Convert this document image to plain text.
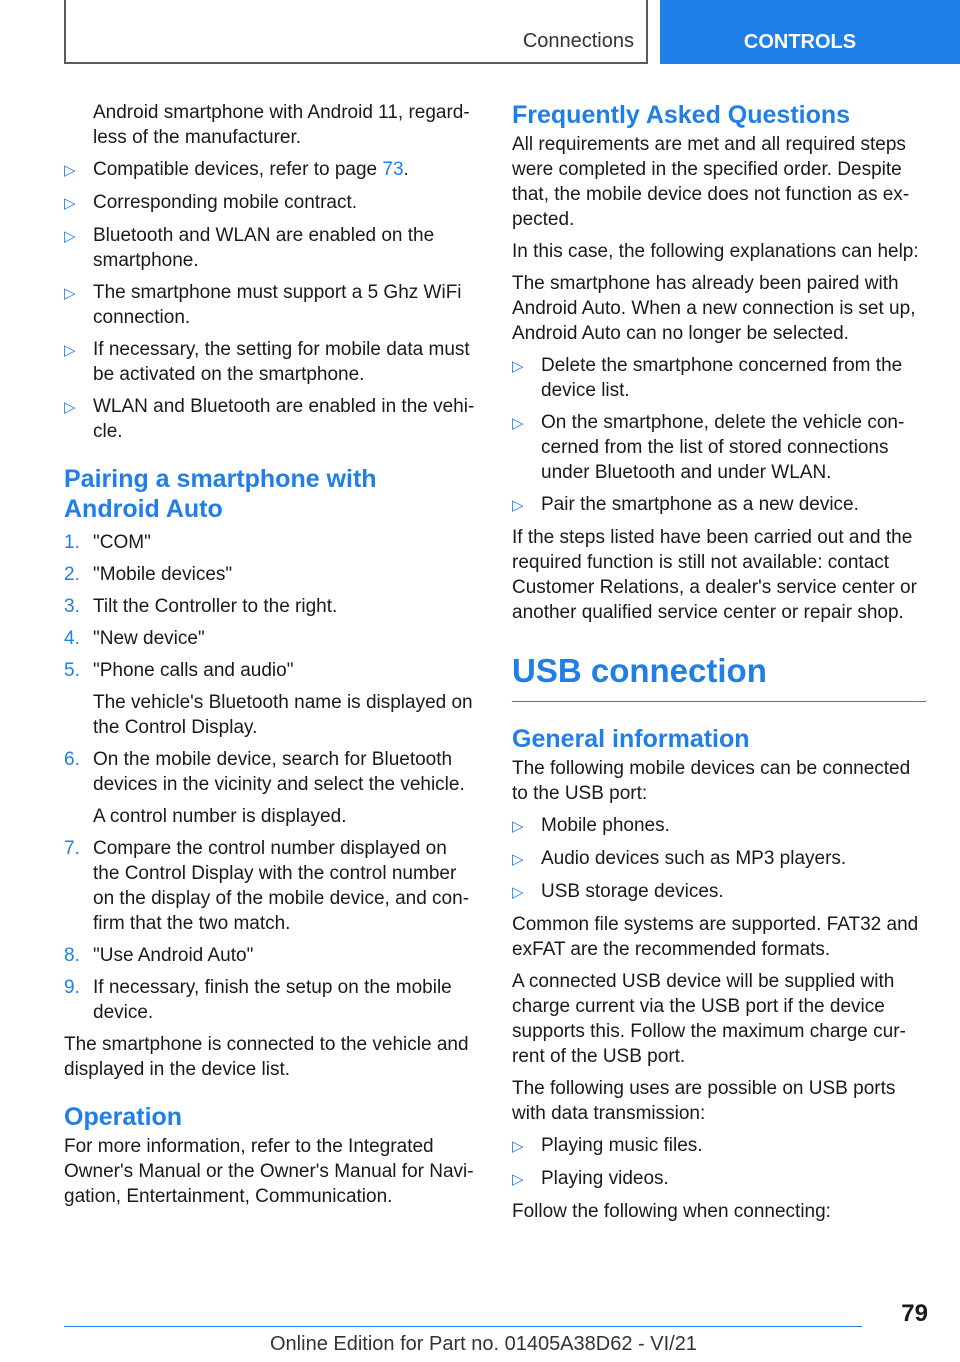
Connections	CONTROLS

Android smartphone with Android 11, regardless of the manufacturer.

▷ Compatible devices, refer to page 73.
▷ Corresponding mobile contract.
▷ Bluetooth and WLAN are enabled on the smartphone.
▷ The smartphone must support a 5 Ghz WiFi connection.
▷ If necessary, the setting for mobile data must be activated on the smartphone.
▷ WLAN and Bluetooth are enabled in the vehicle.
Pairing a smartphone with Android Auto
1. "COM"
2. "Mobile devices"
3. Tilt the Controller to the right.
4. "New device"
5. "Phone calls and audio"

The vehicle's Bluetooth name is displayed on the Control Display.

6. On the mobile device, search for Bluetooth devices in the vicinity and select the vehicle.

A control number is displayed.

7. Compare the control number displayed on the Control Display with the control number on the display of the mobile device, and confirm that the two match.
8. "Use Android Auto"
9. If necessary, finish the setup on the mobile device.

The smartphone is connected to the vehicle and displayed in the device list.

Operation

For more information, refer to the Integrated Owner's Manual or the Owner's Manual for Navigation, Entertainment, Communication.

Frequently Asked Questions

All requirements are met and all required steps were completed in the specified order. Despite that, the mobile device does not function as expected.

In this case, the following explanations can help:

The smartphone has already been paired with Android Auto. When a new connection is set up, Android Auto can no longer be selected.

▷ Delete the smartphone concerned from the device list.
▷ On the smartphone, delete the vehicle concerned from the list of stored connections under Bluetooth and under WLAN.
▷ Pair the smartphone as a new device.

If the steps listed have been carried out and the required function is still not available: contact Customer Relations, a dealer's service center or another qualified service center or repair shop.

USB connection
General information

The following mobile devices can be connected to the USB port:

▷ Mobile phones.
▷ Audio devices such as MP3 players.
▷ USB storage devices.

Common file systems are supported. FAT32 and exFAT are the recommended formats.

A connected USB device will be supplied with charge current via the USB port if the device supports this. Follow the maximum charge current of the USB port.

The following uses are possible on USB ports with data transmission:

▷ Playing music files.
▷ Playing videos.

Follow the following when connecting:

79
Online Edition for Part no. 01405A38D62 - VI/21
